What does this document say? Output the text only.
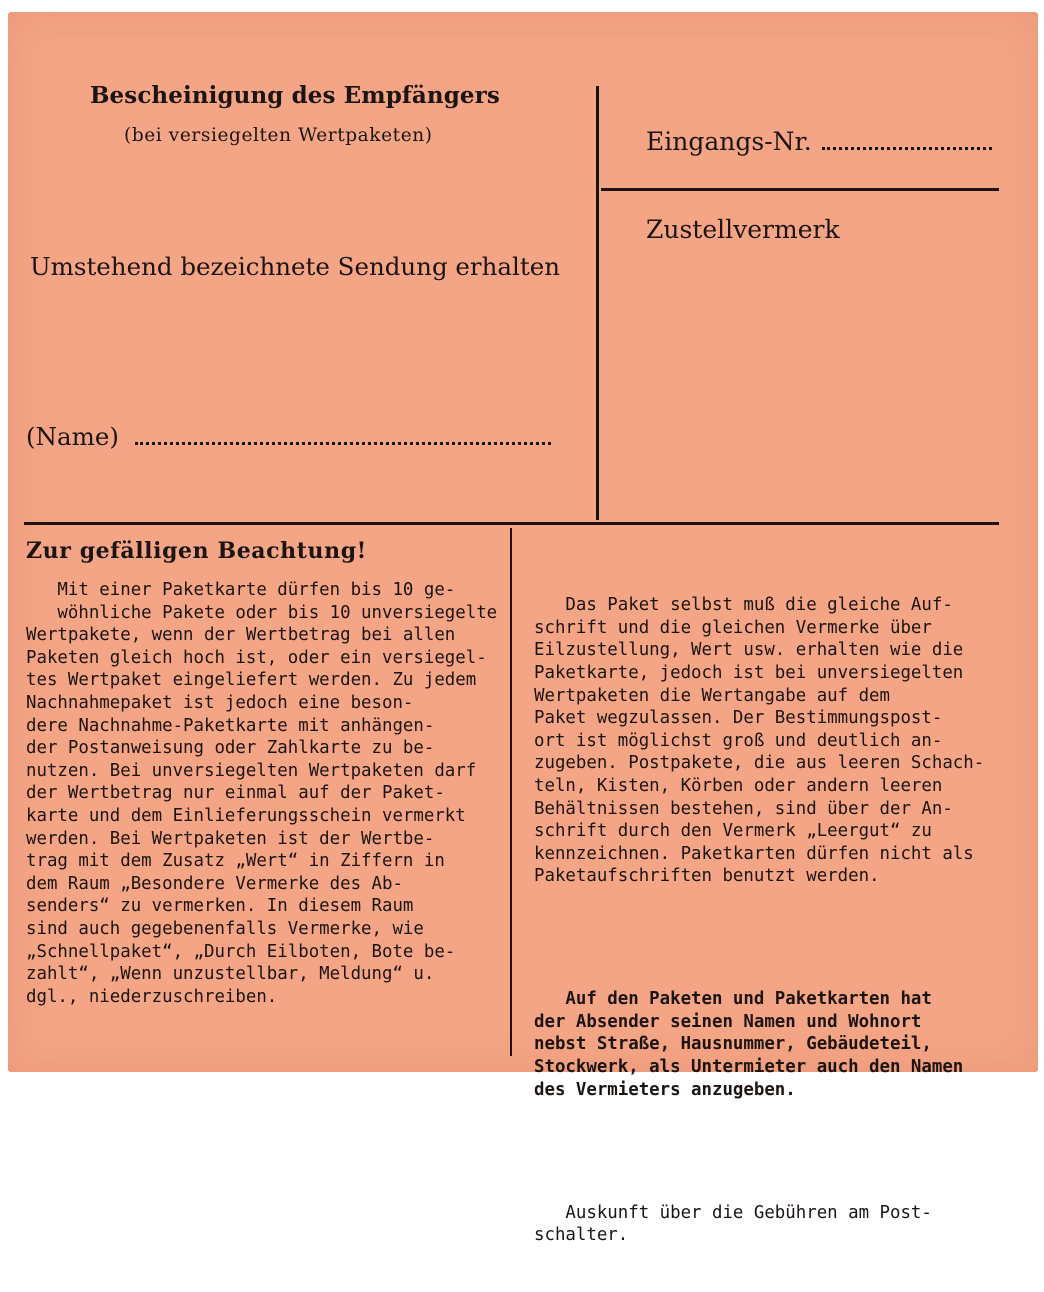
Bescheinigung des Empfängers
(bei versiegelten Wertpaketen)
Umstehend bezeichnete Sendung erhalten
(Name)
Eingangs-Nr.
Zustellvermerk
Zur gefälligen Beachtung!
Mit einer Paketkarte dürfen bis 10 ge-
wöhnliche Pakete oder bis 10 unversiegelte
Wertpakete, wenn der Wertbetrag bei allen
Paketen gleich hoch ist, oder ein versiegel-
tes Wertpaket eingeliefert werden. Zu jedem
Nachnahmepaket ist jedoch eine beson-
dere Nachnahme-Paketkarte mit anhängen-
der Postanweisung oder Zahlkarte zu be-
nutzen. Bei unversiegelten Wertpaketen darf
der Wertbetrag nur einmal auf der Paket-
karte und dem Einlieferungsschein vermerkt
werden. Bei Wertpaketen ist der Wertbe-
trag mit dem Zusatz „Wert“ in Ziffern in
dem Raum „Besondere Vermerke des Ab-
senders“ zu vermerken. In diesem Raum
sind auch gegebenenfalls Vermerke, wie
„Schnellpaket“, „Durch Eilboten, Bote be-
zahlt“, „Wenn unzustellbar, Meldung“ u.
dgl., niederzuschreiben.

Das Paket selbst muß die gleiche Auf-
schrift und die gleichen Vermerke über
Eilzustellung, Wert usw. erhalten wie die
Paketkarte, jedoch ist bei unversiegelten
Wertpaketen die Wertangabe auf dem
Paket wegzulassen. Der Bestimmungspost-
ort ist möglichst groß und deutlich an-
zugeben. Postpakete, die aus leeren Schach-
teln, Kisten, Körben oder andern leeren
Behältnissen bestehen, sind über der An-
schrift durch den Vermerk „Leergut“ zu
kennzeichnen. Paketkarten dürfen nicht als
Paketaufschriften benutzt werden.

Auf den Paketen und Paketkarten hat
der Absender seinen Namen und Wohnort
nebst Straße, Hausnummer, Gebäudeteil,
Stockwerk, als Untermieter auch den Namen
des Vermieters anzugeben.

Auskunft über die Gebühren am Post-
schalter.
